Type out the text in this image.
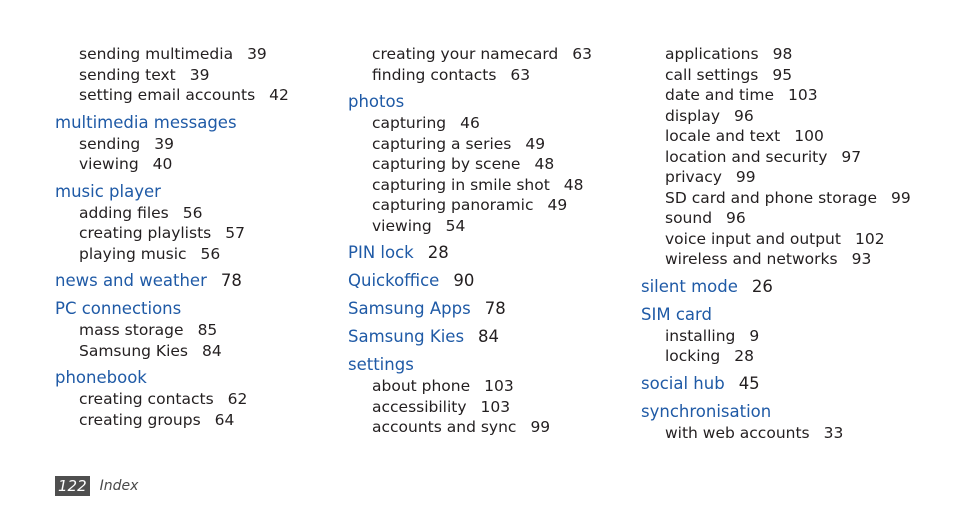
sending multimedia 39
sending text 39
setting email accounts 42
multimedia messages
sending 39
viewing 40
music player
adding files 56
creating playlists 57
playing music 56
news and weather 78
PC connections
mass storage 85
Samsung Kies 84
phonebook
creating contacts 62
creating groups 64
creating your namecard 63
finding contacts 63
photos
capturing 46
capturing a series 49
capturing by scene 48
capturing in smile shot 48
capturing panoramic 49
viewing 54
PIN lock 28
Quickoffice 90
Samsung Apps 78
Samsung Kies 84
settings
about phone 103
accessibility 103
accounts and sync 99
applications 98
call settings 95
date and time 103
display 96
locale and text 100
location and security 97
privacy 99
SD card and phone storage 99
sound 96
voice input and output 102
wireless and networks 93
silent mode 26
SIM card
installing 9
locking 28
social hub 45
synchronisation
with web accounts 33
122 Index
